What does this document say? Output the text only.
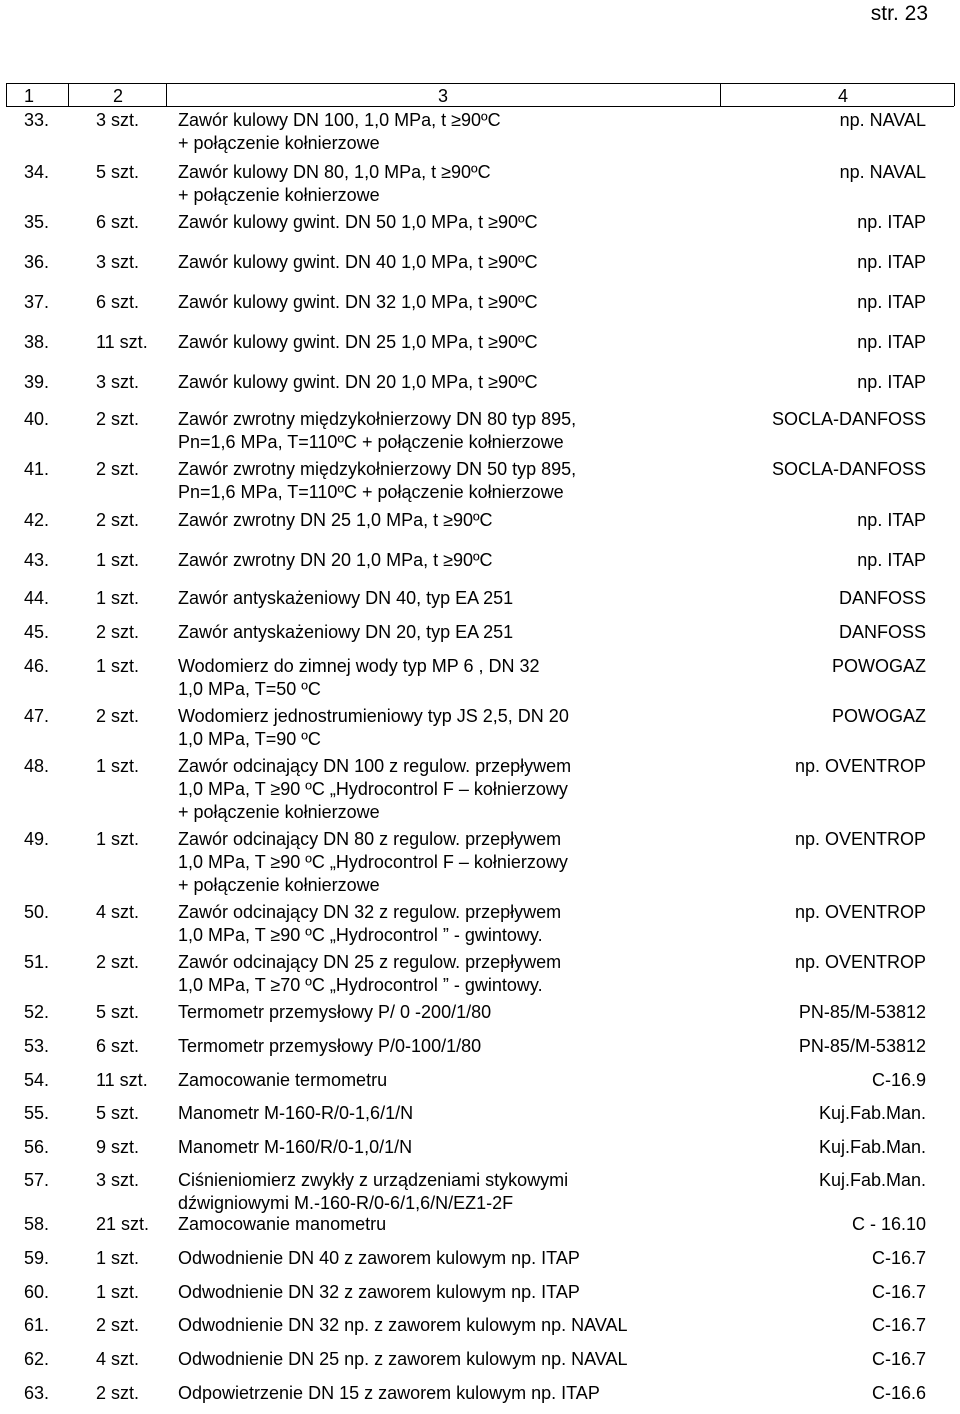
str. 23
1	2	3	4
33.	3 szt. Zawór kulowy DN 100, 1,0 MPa, t ≥90ºC	np. NAVAL
+ połączenie kołnierzowe
34.	5 szt. Zawór kulowy DN 80, 1,0 MPa, t ≥90ºC	np. NAVAL
+ połączenie kołnierzowe
35.	6 szt. Zawór kulowy gwint. DN 50 1,0 MPa, t ≥90ºC	np. ITAP
36.	3 szt. Zawór kulowy gwint. DN 40 1,0 MPa, t ≥90ºC	np. ITAP
37.	6 szt. Zawór kulowy gwint. DN 32 1,0 MPa, t ≥90ºC	np. ITAP
38.	11 szt. Zawór kulowy gwint. DN 25 1,0 MPa, t ≥90ºC	np. ITAP
39.	3 szt. Zawór kulowy gwint. DN 20 1,0 MPa, t ≥90ºC	np. ITAP
40.	2 szt. Zawór zwrotny międzykołnierzowy DN 80 typ 895,	SOCLA-DANFOSS
Pn=1,6 MPa, T=110ºC + połączenie kołnierzowe
41.	2 szt. Zawór zwrotny międzykołnierzowy DN 50 typ 895,	SOCLA-DANFOSS
Pn=1,6 MPa, T=110ºC + połączenie kołnierzowe
42.	2 szt. Zawór zwrotny DN 25 1,0 MPa, t ≥90ºC	np. ITAP
43.	1 szt. Zawór zwrotny DN 20 1,0 MPa, t ≥90ºC	np. ITAP
44.	1 szt. Zawór antyskażeniowy DN 40, typ EA 251	DANFOSS
45.	2 szt. Zawór antyskażeniowy DN 20, typ EA 251	DANFOSS
46.	1 szt. Wodomierz do zimnej wody typ MP 6 , DN 32	POWOGAZ
1,0 MPa, T=50 ºC
47.	2 szt. Wodomierz jednostrumieniowy typ JS 2,5, DN 20	POWOGAZ
1,0 MPa, T=90 ºC
48.	1 szt. Zawór odcinający DN 100 z regulow. przepływem	np. OVENTROP
1,0 MPa, T ≥90 ºC „Hydrocontrol F – kołnierzowy
+ połączenie kołnierzowe
49.	1 szt. Zawór odcinający DN 80 z regulow. przepływem	np. OVENTROP
1,0 MPa, T ≥90 ºC „Hydrocontrol F – kołnierzowy
+ połączenie kołnierzowe
50.	4 szt. Zawór odcinający DN 32 z regulow. przepływem	np. OVENTROP
1,0 MPa, T ≥90 ºC „Hydrocontrol ” - gwintowy.
51.	2 szt. Zawór odcinający DN 25 z regulow. przepływem	np. OVENTROP
1,0 MPa, T ≥70 ºC „Hydrocontrol ” - gwintowy.
52.	5 szt. Termometr przemysłowy P/ 0 -200/1/80	PN-85/M-53812
53.	6 szt. Termometr przemysłowy P/0-100/1/80	PN-85/M-53812
54.	11 szt. Zamocowanie termometru	C-16.9
55.	5 szt. Manometr M-160-R/0-1,6/1/N	Kuj.Fab.Man.
56.	9 szt. Manometr M-160/R/0-1,0/1/N	Kuj.Fab.Man.
57.	3 szt. Ciśnieniomierz zwykły z urządzeniami stykowymi	Kuj.Fab.Man.
dźwigniowymi M.-160-R/0-6/1,6/N/EZ1-2F
58.	21 szt. Zamocowanie manometru	C - 16.10
59.	1 szt. Odwodnienie DN 40 z zaworem kulowym np. ITAP	C-16.7
60.	1 szt. Odwodnienie DN 32 z zaworem kulowym np. ITAP	C-16.7
61.	2 szt. Odwodnienie DN 32 np. z zaworem kulowym np. NAVAL	C-16.7
62.	4 szt. Odwodnienie DN 25 np. z zaworem kulowym np. NAVAL	C-16.7
63.	2 szt. Odpowietrzenie DN 15 z zaworem kulowym np. ITAP	C-16.6
